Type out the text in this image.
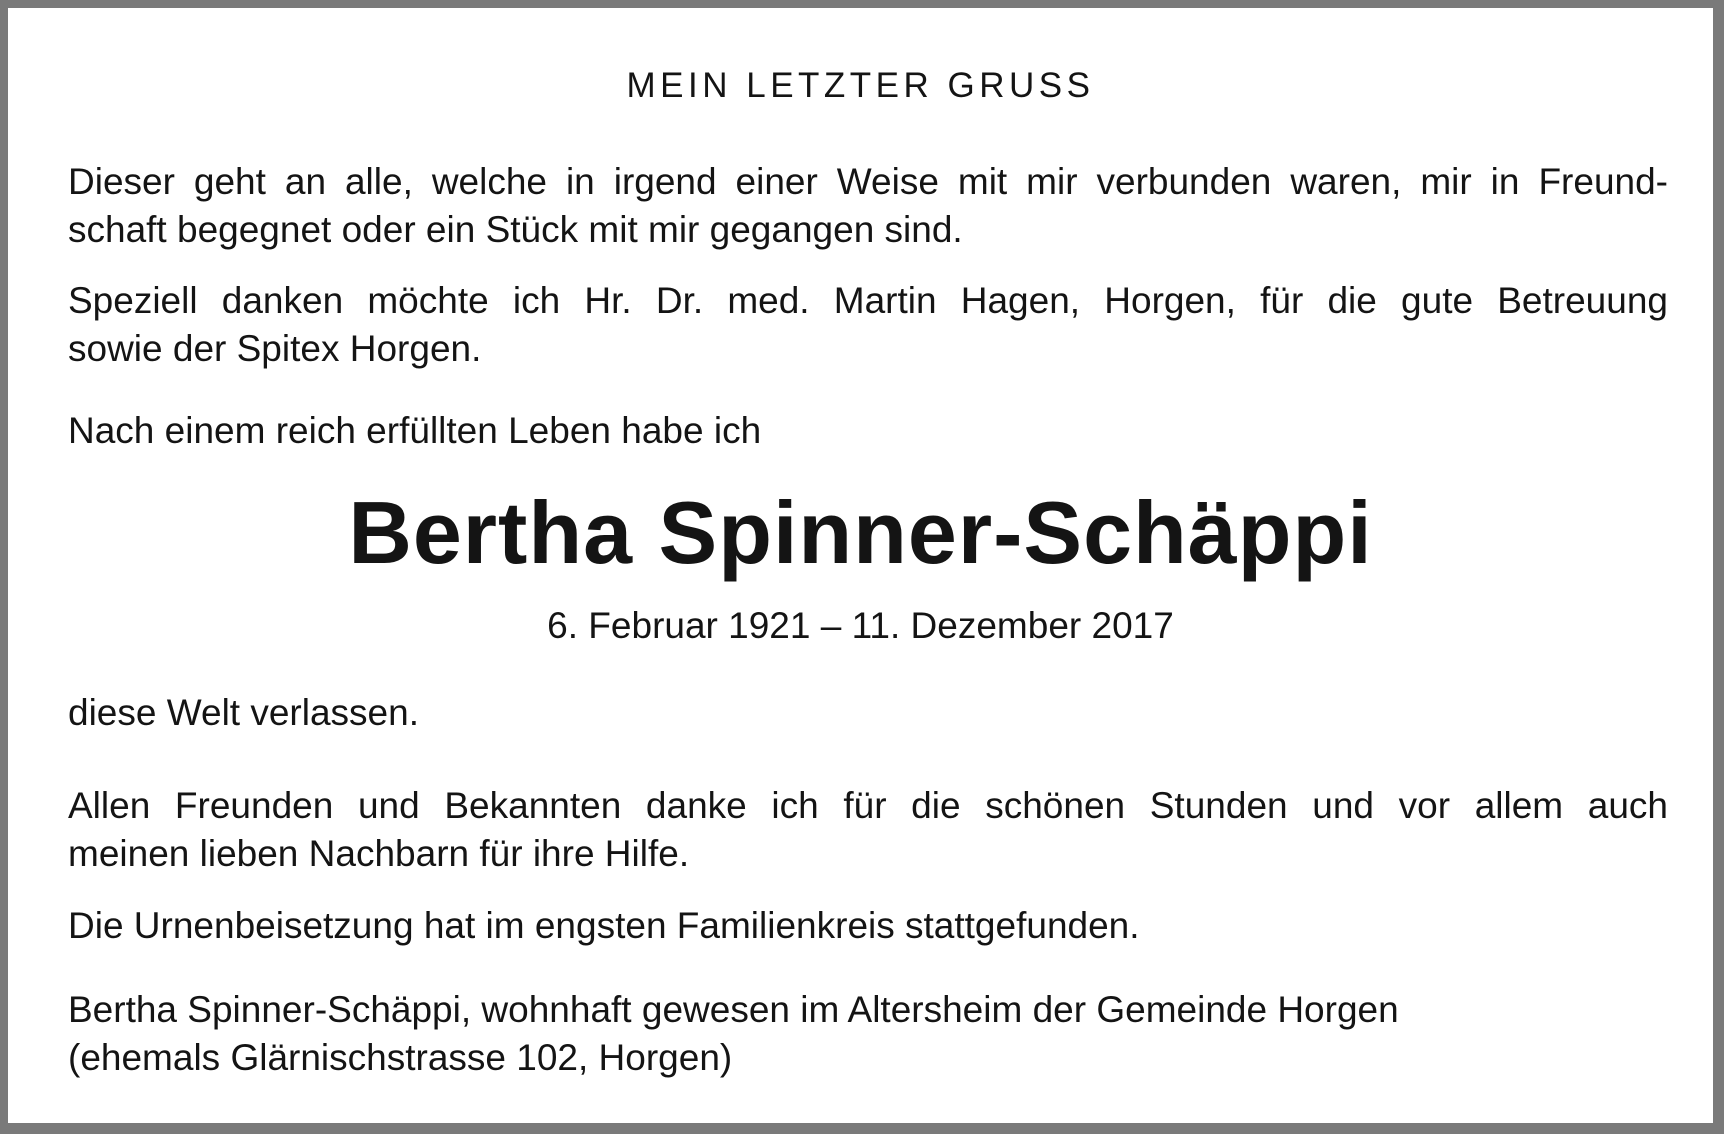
MEIN LETZTER GRUSS

Dieser geht an alle, welche in irgend einer Weise mit mir verbunden waren, mir in Freund-

schaft begegnet oder ein Stück mit mir gegangen sind.

Speziell danken möchte ich Hr. Dr. med. Martin Hagen, Horgen, für die gute Betreuung

sowie der Spitex Horgen.

Nach einem reich erfüllten Leben habe ich

Bertha Spinner-Schäppi

6. Februar 1921 – 11. Dezember 2017

diese Welt verlassen.

Allen Freunden und Bekannten danke ich für die schönen Stunden und vor allem auch

meinen lieben Nachbarn für ihre Hilfe.

Die Urnenbeisetzung hat im engsten Familienkreis stattgefunden.

Bertha Spinner-Schäppi, wohnhaft gewesen im Altersheim der Gemeinde Horgen

(ehemals Glärnischstrasse 102, Horgen)
